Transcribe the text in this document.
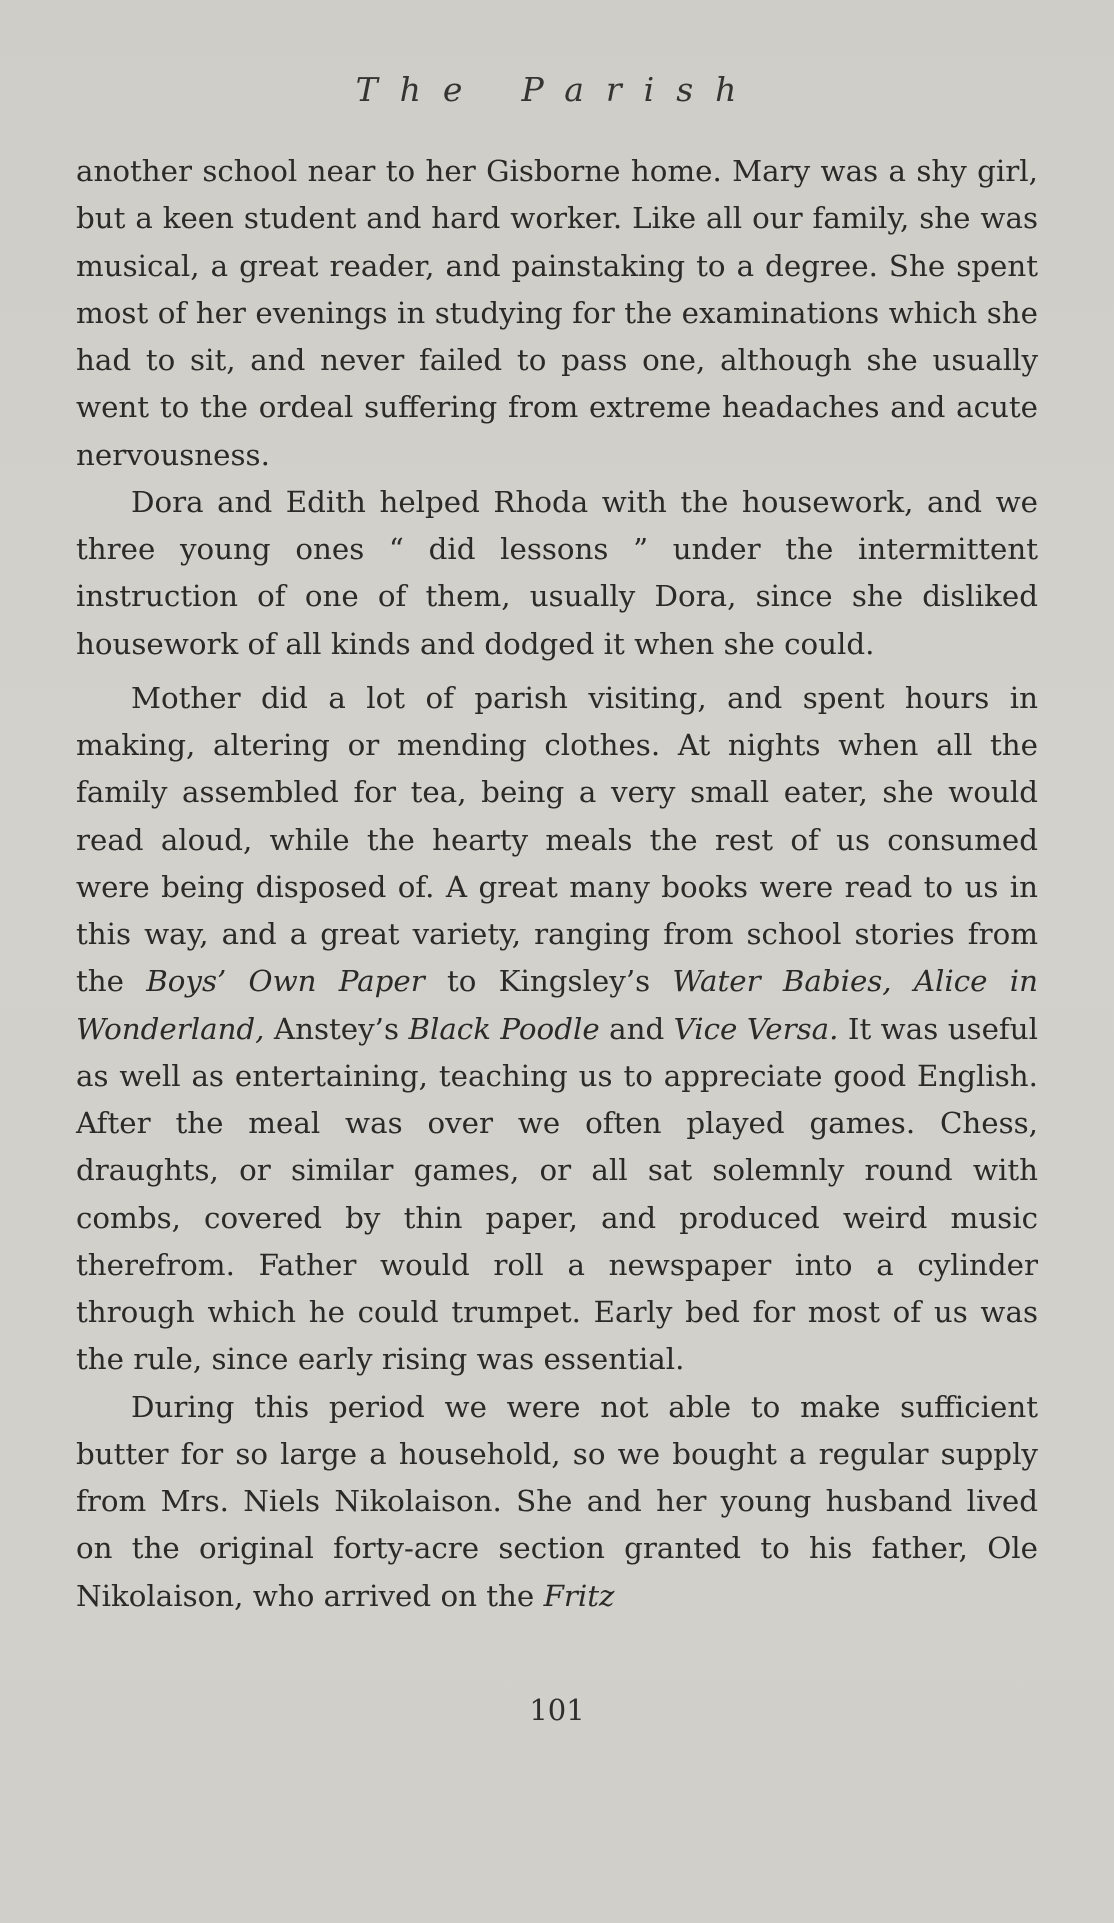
The Parish

another school near to her Gisborne home. Mary was a shy girl, but a keen student and hard worker. Like all our family, she was musical, a great reader, and painstaking to a degree. She spent most of her evenings in studying for the examinations which she had to sit, and never failed to pass one, although she usually went to the ordeal suffering from extreme headaches and acute nervousness.

Dora and Edith helped Rhoda with the housework, and we three young ones “ did lessons ” under the intermittent instruction of one of them, usually Dora, since she disliked housework of all kinds and dodged it when she could.

Mother did a lot of parish visiting, and spent hours in making, altering or mending clothes. At nights when all the family assembled for tea, being a very small eater, she would read aloud, while the hearty meals the rest of us consumed were being disposed of. A great many books were read to us in this way, and a great variety, ranging from school stories from the Boys’ Own Paper to Kingsley’s Water Babies, Alice in Wonderland, Anstey’s Black Poodle and Vice Versa. It was useful as well as entertaining, teaching us to appreciate good English. After the meal was over we often played games. Chess, draughts, or similar games, or all sat solemnly round with combs, covered by thin paper, and produced weird music therefrom. Father would roll a newspaper into a cylinder through which he could trumpet. Early bed for most of us was the rule, since early rising was essential.

During this period we were not able to make sufficient butter for so large a household, so we bought a regular supply from Mrs. Niels Nikolaison. She and her young husband lived on the original forty-acre section granted to his father, Ole Nikolaison, who arrived on the Fritz

101
